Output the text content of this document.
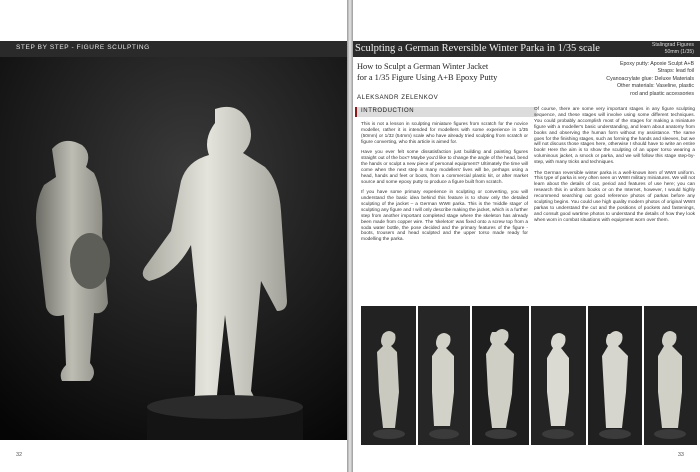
STEP BY STEP - FIGURE SCULPTING
32
Sculpting a German Reversible Winter Parka in 1/35 scale	Stalingrad Figures
50mm (1/35)
How to Sculpt a German Winter Jacket
for a 1/35 Figure Using A+B Epoxy Putty
Epoxy putty: Apoxie Sculpt A+B
Straps: lead foil
Cyanoacrylate glue: Deluxe Materials
Other materials: Vaseline, plastic
rod and plastic accessories
ALEKSANDR ZELENKOV
INTRODUCTION

This is not a lesson in sculpting miniature figures from scratch for the novice modeller, rather it is intended for modellers with some experience in 1/35 (50mm) or 1/32 (54mm) scale who have already tried sculpting from scratch or figure converting, who this article is aimed for.

Have you ever felt some dissatisfaction just building and painting figures straight out of the box? Maybe you'd like to change the angle of the head, bend the hands or sculpt a new piece of personal equipment? Ultimately the time will come when the next step in many modellers' lives will be, perhaps using a head, hands and feet or boots, from a commercial plastic kit, or after market source and some epoxy putty to produce a figure built from scratch.

If you have some primary experience in sculpting or converting, you will understand the basic idea behind this feature is to show only the detailed sculpting of the jacket – a German WWII parka. This is the 'middle stage' of sculpting any figure and I will only describe making the jacket, which is a further step from another important completed stage where the skeleton has already been made from copper wire. The 'skeleton' was fixed onto a screw top from a soda water bottle, the pose decided and the primary features of the figure - boots, trousers and head sculpted and the upper torso made ready for modelling the parka.

Of course, there are some very important stages in any figure sculpting sequence, and these stages will involve using some different techniques. You could probably accomplish most of the stages for making a miniature figure with a modeller's basic understanding, and learn about anatomy from books and observing the human form without my assistance. The same goes for the finishing stages, such as forming the hands and sleeves, but we will not discuss those stages here, otherwise I should have to write an entire book! Here the aim is to show the sculpting of an upper torso wearing a voluminous jacket, a smock or parka, and we will follow this stage step-by-step, with many tricks and techniques.

The German reversible winter parka is a well-known item of WWII uniform. This type of parka is very often seen on WWII military miniatures. We will not learn about the details of cut, period and features of use here; you can research this in uniform books or on the Internet, however, I would highly recommend searching out good reference photos of parkas before any sculpting begins. You could use high quality modern photos of original WWII parkas to understand the cut and the positions of pockets and fastenings, and consult good wartime photos to understand the details of how they look when worn in combat situations with equipment worn over them.

33
